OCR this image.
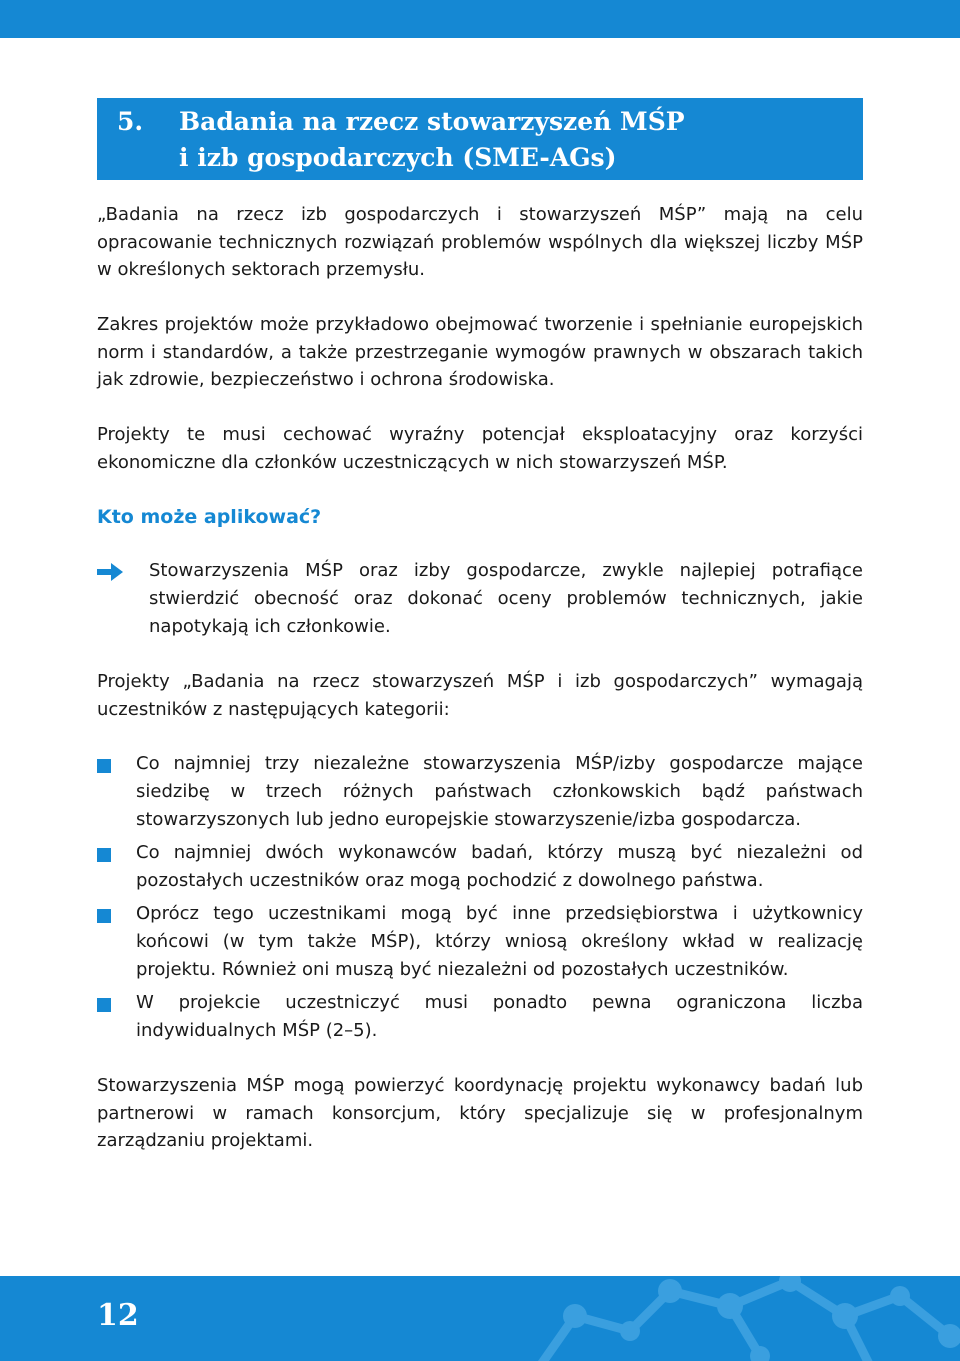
5. Badania na rzecz stowarzyszeń MŚP
i izb gospodarczych (SME-AGs)

„Badania na rzecz izb gospodarczych i stowarzyszeń MŚP” mają na celu opracowanie technicznych rozwiązań problemów wspólnych dla większej liczby MŚP w określonych sektorach przemysłu.

Zakres projektów może przykładowo obejmować tworzenie i spełnianie europejskich norm i standardów, a także przestrzeganie wymogów prawnych w obszarach takich jak zdrowie, bezpieczeństwo i ochrona środowiska.

Projekty te musi cechować wyraźny potencjał eksploatacyjny oraz korzyści ekonomiczne dla członków uczestniczących w nich stowarzyszeń MŚP.

Kto może aplikować?

Stowarzyszenia MŚP oraz izby gospodarcze, zwykle najlepiej potrafiące stwierdzić obecność oraz dokonać oceny problemów technicznych, jakie napotykają ich członkowie.

Projekty „Badania na rzecz stowarzyszeń MŚP i izb gospodarczych” wymagają uczestników z następujących kategorii:

Co najmniej trzy niezależne stowarzyszenia MŚP/izby gospodarcze mające siedzibę w trzech różnych państwach członkowskich bądź państwach stowarzyszonych lub jedno europejskie stowarzyszenie/izba gospodarcza.

Co najmniej dwóch wykonawców badań, którzy muszą być niezależni od pozostałych uczestników oraz mogą pochodzić z dowolnego państwa.

Oprócz tego uczestnikami mogą być inne przedsiębiorstwa i użytkownicy końcowi (w tym także MŚP), którzy wniosą określony wkład w realizację projektu. Również oni muszą być niezależni od pozostałych uczestników.

W projekcie uczestniczyć musi ponadto pewna ograniczona liczba indywidualnych MŚP (2–5).

Stowarzyszenia MŚP mogą powierzyć koordynację projektu wykonawcy badań lub partnerowi w ramach konsorcjum, który specjalizuje się w profesjonalnym zarządzaniu projektami.

12
